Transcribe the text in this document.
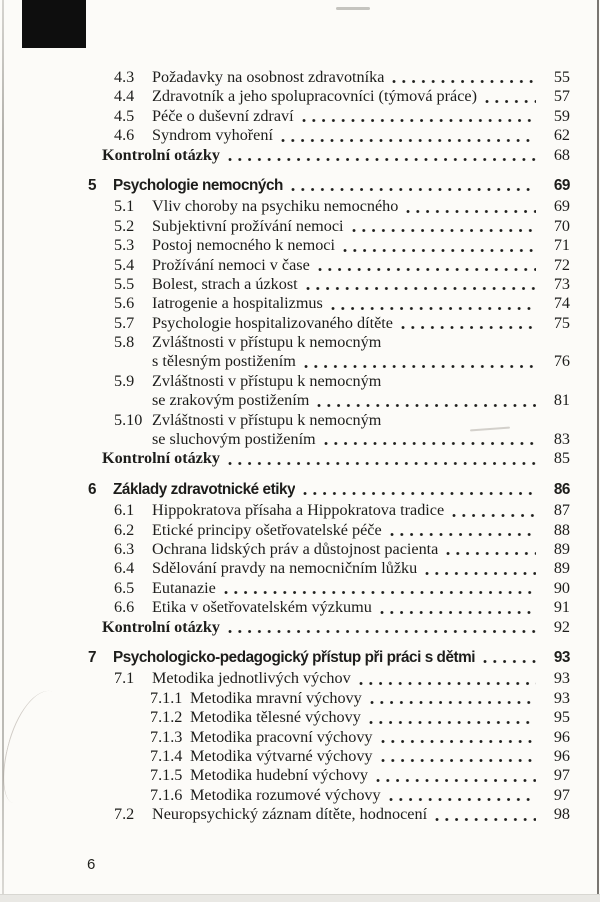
4.3	Požadavky na osobnost zdravotníka	55
4.4	Zdravotník a jeho spolupracovníci (týmová práce)	57
4.5	Péče o duševní zdraví	59
4.6	Syndrom vyhoření	62
Kontrolní otázky	68
5	Psychologie nemocných	69
5.1	Vliv choroby na psychiku nemocného	69
5.2	Subjektivní prožívání nemoci	70
5.3	Postoj nemocného k nemoci	71
5.4	Prožívání nemoci v čase	72
5.5	Bolest, strach a úzkost	73
5.6	Iatrogenie a hospitalizmus	74
5.7	Psychologie hospitalizovaného dítěte	75
5.8	Zvláštnosti v přístupu k nemocným
s tělesným postižením	76
5.9	Zvláštnosti v přístupu k nemocným
se zrakovým postižením	81
5.10 Zvláštnosti v přístupu k nemocným
se sluchovým postižením	83
Kontrolní otázky	85
6	Základy zdravotnické etiky	86
6.1	Hippokratova přísaha a Hippokratova tradice	87
6.2	Etické principy ošetřovatelské péče	88
6.3	Ochrana lidských práv a důstojnost pacienta	89
6.4	Sdělování pravdy na nemocničním lůžku	89
6.5	Eutanazie	90
6.6	Etika v ošetřovatelském výzkumu	91
Kontrolní otázky	92
7	Psychologicko-pedagogický přístup při práci s dětmi	93
7.1	Metodika jednotlivých výchov	93
7.1.1 Metodika mravní výchovy	93
7.1.2 Metodika tělesné výchovy	95
7.1.3 Metodika pracovní výchovy	96
7.1.4 Metodika výtvarné výchovy	96
7.1.5 Metodika hudební výchovy	97
7.1.6 Metodika rozumové výchovy	97
7.2	Neuropsychický záznam dítěte, hodnocení	98
6
